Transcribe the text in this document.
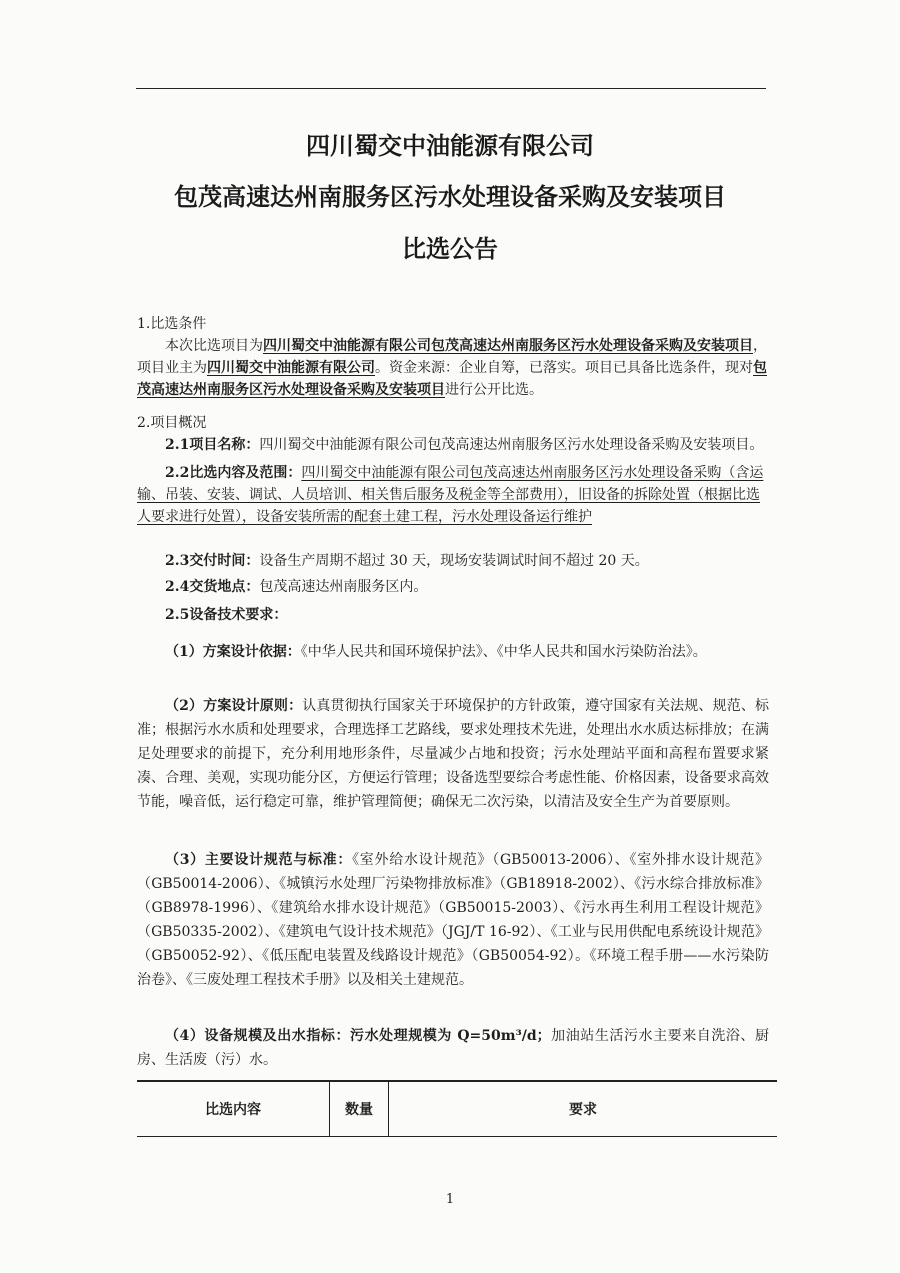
四川蜀交中油能源有限公司
包茂高速达州南服务区污水处理设备采购及安装项目
比选公告

1.比选条件

本次比选项目为四川蜀交中油能源有限公司包茂高速达州南服务区污水处理设备采购及安装项目，项目业主为四川蜀交中油能源有限公司。资金来源：企业自筹，已落实。项目已具备比选条件，现对包茂高速达州南服务区污水处理设备采购及安装项目进行公开比选。

2.项目概况

2.1项目名称：四川蜀交中油能源有限公司包茂高速达州南服务区污水处理设备采购及安装项目。

2.2比选内容及范围：四川蜀交中油能源有限公司包茂高速达州南服务区污水处理设备采购（含运输、吊装、安装、调试、人员培训、相关售后服务及税金等全部费用），旧设备的拆除处置（根据比选人要求进行处置），设备安装所需的配套土建工程，污水处理设备运行维护

2.3交付时间：设备生产周期不超过 30 天，现场安装调试时间不超过 20 天。
2.4交货地点：包茂高速达州南服务区内。
2.5设备技术要求：
（1）方案设计依据：《中华人民共和国环境保护法》、《中华人民共和国水污染防治法》。
（2）方案设计原则：认真贯彻执行国家关于环境保护的方针政策，遵守国家有关法规、规范、标准；根据污水水质和处理要求，合理选择工艺路线，要求处理技术先进，处理出水水质达标排放；在满足处理要求的前提下，充分利用地形条件，尽量减少占地和投资；污水处理站平面和高程布置要求紧凑、合理、美观，实现功能分区，方便运行管理；设备选型要综合考虑性能、价格因素，设备要求高效节能，噪音低，运行稳定可靠，维护管理简便；确保无二次污染，以清洁及安全生产为首要原则。
（3）主要设计规范与标准：《室外给水设计规范》（GB50013-2006）、《室外排水设计规范》（GB50014-2006）、《城镇污水处理厂污染物排放标准》（GB18918-2002）、《污水综合排放标准》（GB8978-1996）、《建筑给水排水设计规范》（GB50015-2003）、《污水再生利用工程设计规范》（GB50335-2002）、《建筑电气设计技术规范》（JGJ/T 16-92）、《工业与民用供配电系统设计规范》（GB50052-92）、《低压配电装置及线路设计规范》（GB50054-92）。《环境工程手册——水污染防治卷》、《三废处理工程技术手册》以及相关土建规范。
（4）设备规模及出水指标：污水处理规模为 Q=50m³/d；加油站生活污水主要来自洗浴、厨房、生活废（污）水。
比选内容	数量	要求
1
